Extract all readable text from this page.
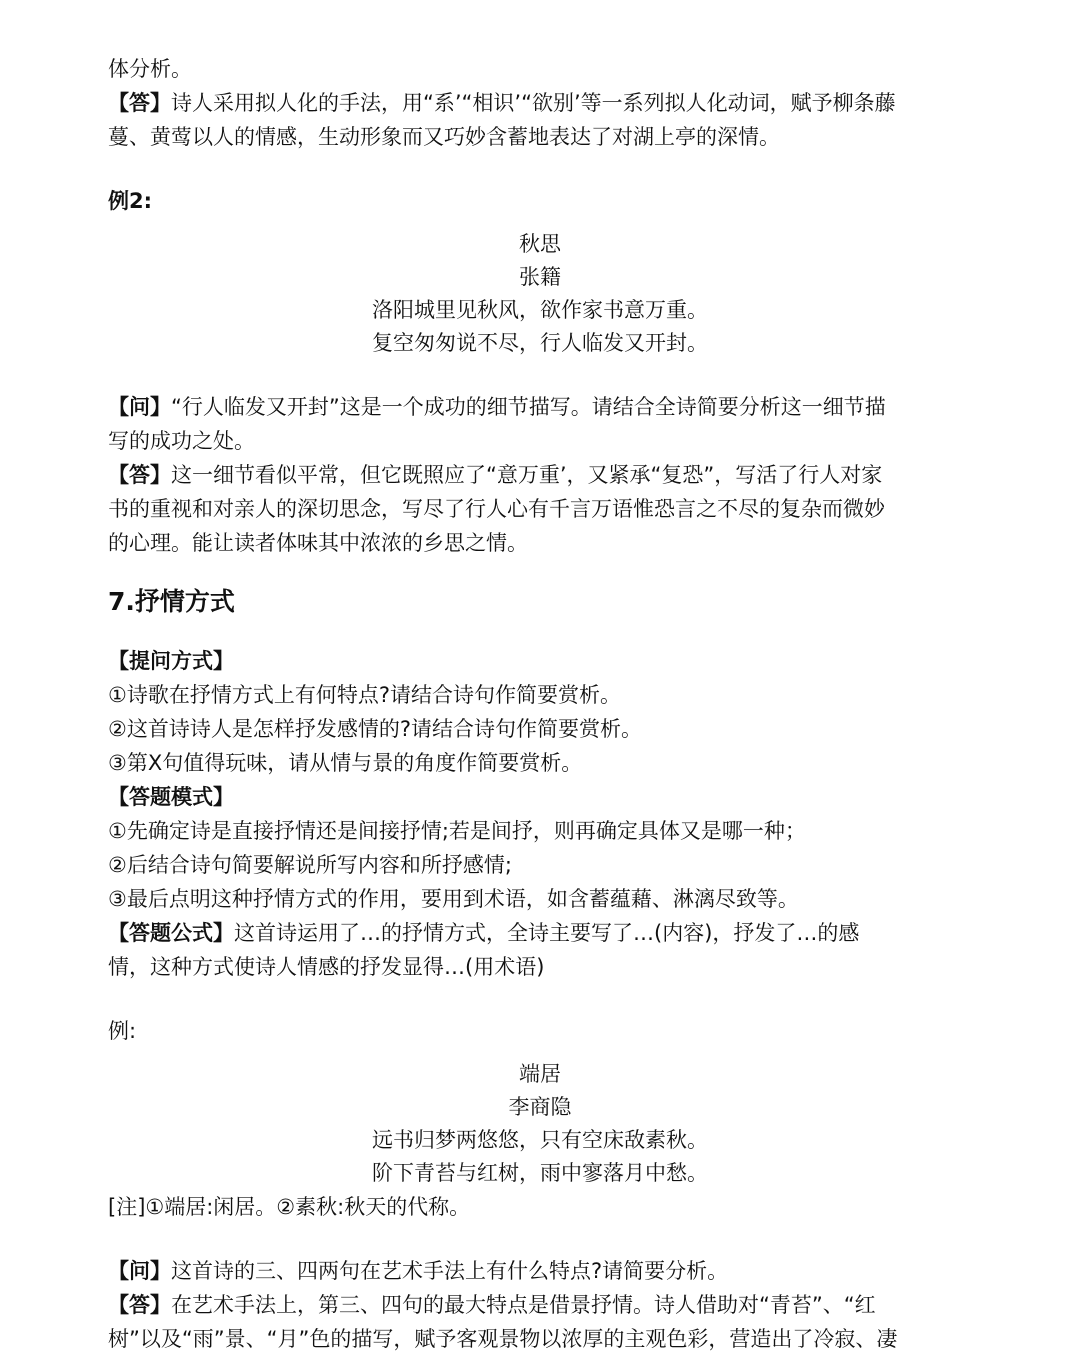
体分析。

【答】诗人采用拟人化的手法，用“系’“相识’“欲别’等一系列拟人化动词，赋予柳条藤

蔓、黄莺以人的情感，生动形象而又巧妙含蓄地表达了对湖上亭的深情。

例2:

秋思

张籍

洛阳城里见秋风，欲作家书意万重。

复空匆匆说不尽，行人临发又开封。

【问】“行人临发又开封”这是一个成功的细节描写。请结合全诗简要分析这一细节描

写的成功之处。

【答】这一细节看似平常，但它既照应了“意万重’，又紧承“复恐”，写活了行人对家

书的重视和对亲人的深切思念，写尽了行人心有千言万语惟恐言之不尽的复杂而微妙

的心理。能让读者体味其中浓浓的乡思之情。

7.抒情方式

【提问方式】

①诗歌在抒情方式上有何特点?请结合诗句作简要赏析。

②这首诗诗人是怎样抒发感情的?请结合诗句作简要赏析。

③第X句值得玩味，请从情与景的角度作简要赏析。

【答题模式】

①先确定诗是直接抒情还是间接抒情;若是间抒，则再确定具体又是哪一种；

②后结合诗句简要解说所写内容和所抒感情;

③最后点明这种抒情方式的作用，要用到术语，如含蓄蕴藉、淋漓尽致等。

【答题公式】这首诗运用了…的抒情方式，全诗主要写了…(内容)，抒发了…的感

情，这种方式使诗人情感的抒发显得…(用术语)

例:

端居

李商隐

远书归梦两悠悠，只有空床敌素秋。

阶下青苔与红树，雨中寥落月中愁。

[注]①端居:闲居。②素秋:秋天的代称。

【问】这首诗的三、四两句在艺术手法上有什么特点?请简要分析。

【答】在艺术手法上，第三、四句的最大特点是借景抒情。诗人借助对“青苔”、“红

树”以及“雨”景、“月”色的描写，赋予客观景物以浓厚的主观色彩，营造出了冷寂、凄
